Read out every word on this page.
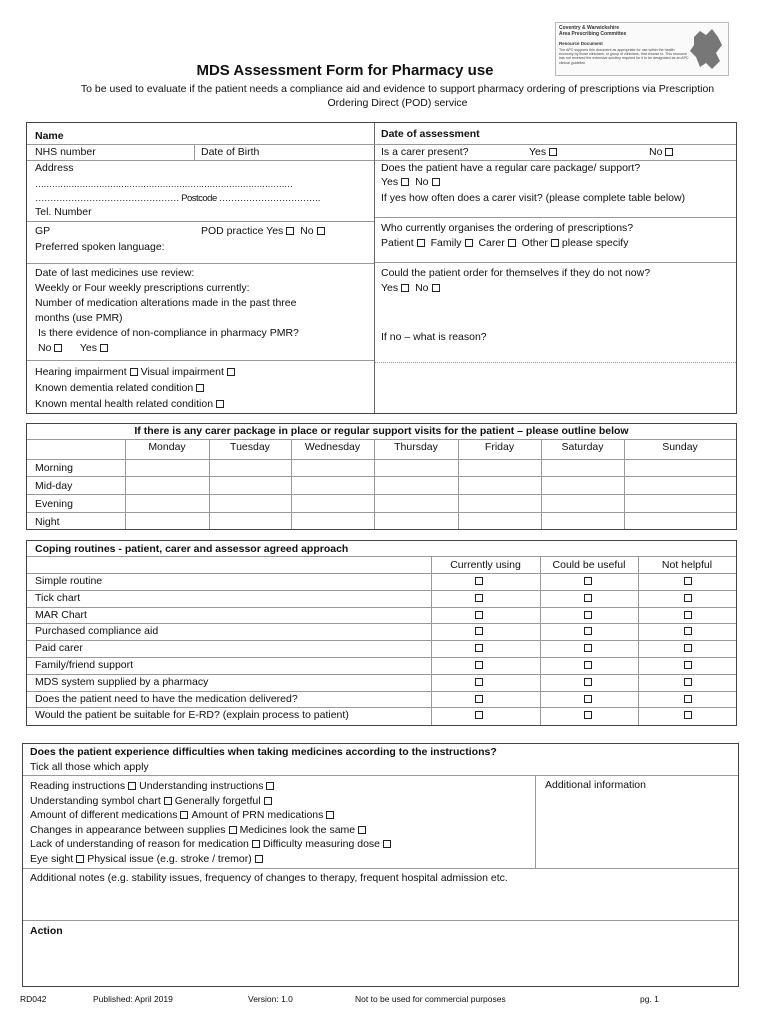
Coventry & Warwickshire
Area Prescribing Committee
Resource Document
The APC supports this document as appropriate for use within the health economy by those clinicians, or group of clinicians, that choose to. This resource has not received the extensive scrutiny required for it to be designated as an APC clinical guideline.
MDS Assessment Form for Pharmacy use
To be used to evaluate if the patient needs a compliance aid and evidence to support pharmacy ordering of prescriptions via Prescription Ordering Direct (POD) service
Name	Date of assessment
NHS number	Date of Birth	Is a carer present?	Yes	No
Address
…………………………………………………………………………………
………………………………………… Postcode …………………………….
Tel. Number
Does the patient have a regular care package/ support?
Yes No
If yes how often does a carer visit? (please complete table below)
GP	POD practice Yes No
Preferred spoken language:
Who currently organises the ordering of prescriptions?
Patient Family Carer Other please specify
Date of last medicines use review:
Weekly or Four weekly prescriptions currently:
Number of medication alterations made in the past three
months (use PMR)
Is there evidence of non-compliance in pharmacy PMR?
No	Yes
Could the patient order for themselves if they do not now?
Yes No
If no – what is reason?
Hearing impairment Visual impairment
Known dementia related condition
Known mental health related condition
If there is any carer package in place or regular support visits for the patient – please outline below
Monday	Tuesday	Wednesday	Thursday	Friday	Saturday	Sunday
Morning
Mid-day
Evening
Night
Coping routines - patient, carer and assessor agreed approach
Currently using	Could be useful	Not helpful
Simple routine
Tick chart
MAR Chart
Purchased compliance aid
Paid carer
Family/friend support
MDS system supplied by a pharmacy
Does the patient need to have the medication delivered?
Would the patient be suitable for E-RD? (explain process to patient)
Does the patient experience difficulties when taking medicines according to the instructions?
Tick all those which apply
Additional information
Reading instructions Understanding instructions
Understanding symbol chart Generally forgetful
Amount of different medications Amount of PRN medications
Changes in appearance between supplies Medicines look the same
Lack of understanding of reason for medication Difficulty measuring dose
Eye sight Physical issue (e.g. stroke / tremor)
Additional notes (e.g. stability issues, frequency of changes to therapy, frequent hospital admission etc.
Action
RD042	Published: April 2019	Version: 1.0	Not to be used for commercial purposes	pg. 1
